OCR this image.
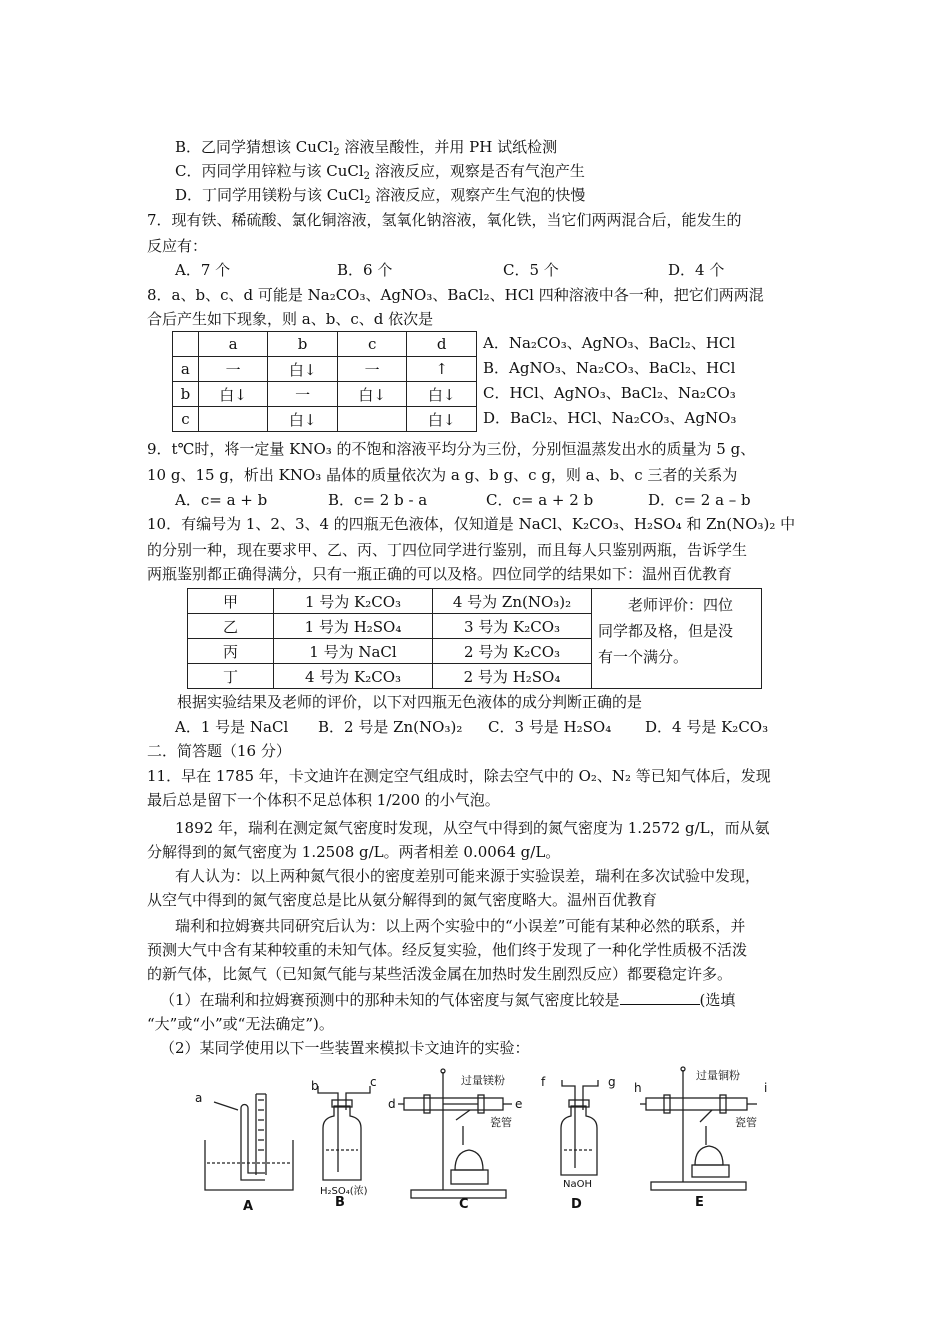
B．乙同学猜想该 CuCl$_2$ 溶液呈酸性，并用 PH 试纸检测
C．丙同学用锌粒与该 CuCl$_2$ 溶液反应，观察是否有气泡产生
D．丁同学用镁粉与该 CuCl$_2$ 溶液反应，观察产生气泡的快慢
7．现有铁、稀硫酸、氯化铜溶液，氢氧化钠溶液，氧化铁，当它们两两混合后，能发生的
反应有：
A．7 个	B．6 个	C．5 个	D．4 个
8．a、b、c、d 可能是 Na₂CO₃、AgNO₃、BaCl₂、HCl 四种溶液中各一种，把它们两两混
合后产生如下现象，则 a、b、c、d 依次是
	a	b	c	d
a	一	白↓	一	↑
b	白↓	一	白↓	白↓
c		白↓		白↓
A．Na₂CO₃、AgNO₃、BaCl₂、HCl
B．AgNO₃、Na₂CO₃、BaCl₂、HCl
C．HCl、AgNO₃、BaCl₂、Na₂CO₃
D．BaCl₂、HCl、Na₂CO₃、AgNO₃
9．t℃时，将一定量 KNO₃ 的不饱和溶液平均分为三份，分别恒温蒸发出水的质量为 5 g、
10 g、15 g，析出 KNO₃ 晶体的质量依次为 a g、b g、c g，则 a、b、c 三者的关系为
A．c= a + b	B．c= 2 b - a	C．c= a + 2 b	D．c= 2 a – b
10．有编号为 1、2、3、4 的四瓶无色液体，仅知道是 NaCl、K₂CO₃、H₂SO₄ 和 Zn(NO₃)₂ 中
的分别一种，现在要求甲、乙、丙、丁四位同学进行鉴别，而且每人只鉴别两瓶，告诉学生
两瓶鉴别都正确得满分，只有一瓶正确的可以及格。四位同学的结果如下：温州百优教育
甲	1 号为 K₂CO₃	4 号为 Zn(NO₃)₂	老师评价：四位
同学都及格，但是没
有一个满分。

乙	1 号为 H₂SO₄	3 号为 K₂CO₃	
丙	1 号为 NaCl	2 号为 K₂CO₃	
丁	4 号为 K₂CO₃	2 号为 H₂SO₄	
根据实验结果及老师的评价，以下对四瓶无色液体的成分判断正确的是
A．1 号是 NaCl B．2 号是 Zn(NO₃)₂ C．3 号是 H₂SO₄ D．4 号是 K₂CO₃
二．简答题（16 分）
11．早在 1785 年，卡文迪许在测定空气组成时，除去空气中的 O₂、N₂ 等已知气体后，发现
最后总是留下一个体积不足总体积 1/200 的小气泡。
1892 年，瑞利在测定氮气密度时发现，从空气中得到的氮气密度为 1.2572 g/L，而从氨
分解得到的氮气密度为 1.2508 g/L。两者相差 0.0064 g/L。
有人认为：以上两种氮气很小的密度差别可能来源于实验误差，瑞利在多次试验中发现，
从空气中得到的氮气密度总是比从氨分解得到的氮气密度略大。温州百优教育
瑞利和拉姆赛共同研究后认为：以上两个实验中的“小误差”可能有某种必然的联系，并
预测大气中含有某种较重的未知气体。经反复实验，他们终于发现了一种化学性质极不活泼
的新气体，比氮气（已知氮气能与某些活泼金属在加热时发生剧烈反应）都要稳定许多。
（1）在瑞利和拉姆赛预测中的那种未知的气体密度与氮气密度比较是	(选填
“大”或“小”或“无法确定”)。
（2）某同学使用以下一些装置来模拟卡文迪许的实验：
a
b	c
d	e
f	g h	i
过量镁粉	过量铜粉
瓷管	瓷管
H₂SO₄(浓)
NaOH
A	B	C	D	E
